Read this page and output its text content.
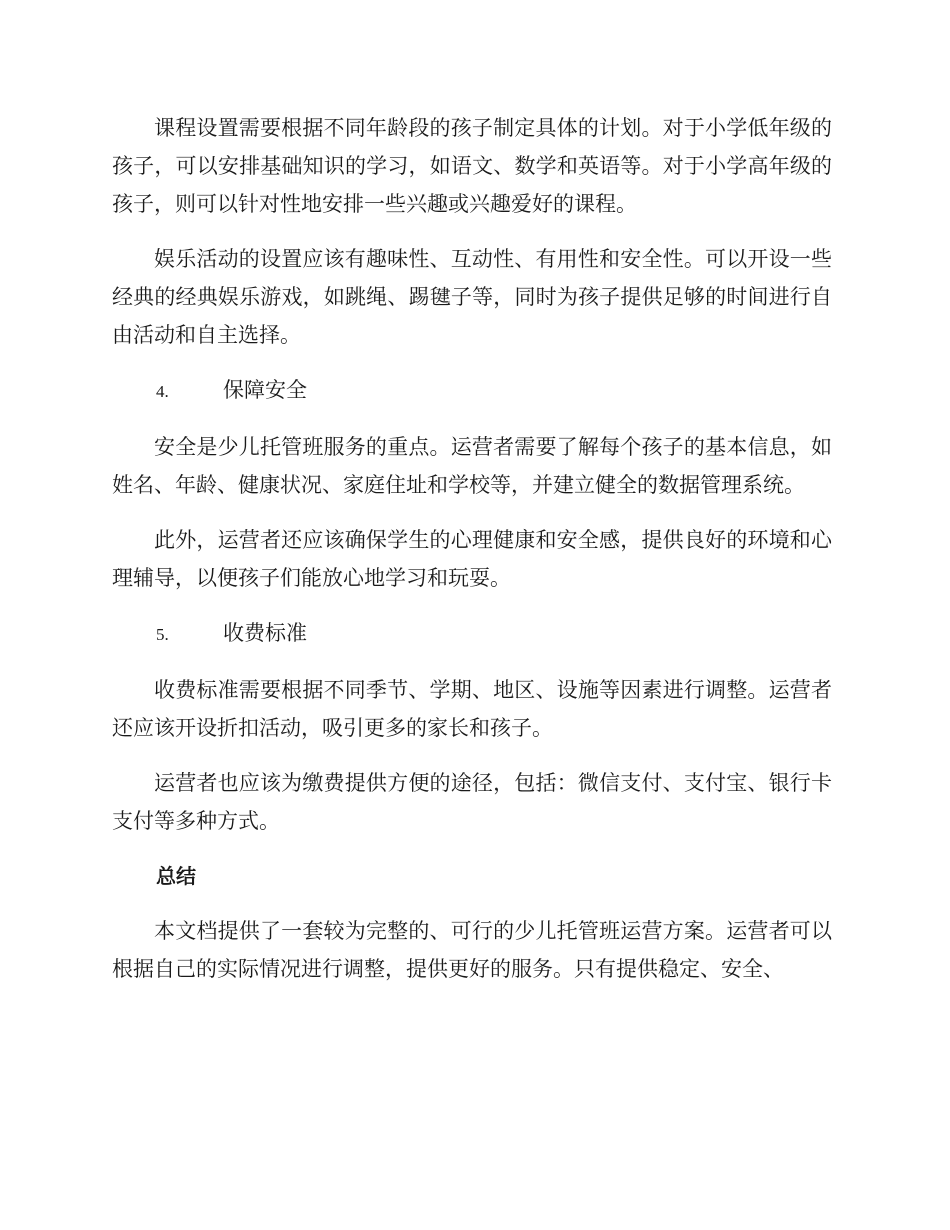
课程设置需要根据不同年龄段的孩子制定具体的计划。对于小学低年级的孩子，可以安排基础知识的学习，如语文、数学和英语等。对于小学高年级的孩子，则可以针对性地安排一些兴趣或兴趣爱好的课程。

娱乐活动的设置应该有趣味性、互动性、有用性和安全性。可以开设一些经典的经典娱乐游戏，如跳绳、踢毽子等，同时为孩子提供足够的时间进行自由活动和自主选择。

4.	保障安全

安全是少儿托管班服务的重点。运营者需要了解每个孩子的基本信息，如姓名、年龄、健康状况、家庭住址和学校等，并建立健全的数据管理系统。

此外，运营者还应该确保学生的心理健康和安全感，提供良好的环境和心理辅导，以便孩子们能放心地学习和玩耍。

5.	收费标准

收费标准需要根据不同季节、学期、地区、设施等因素进行调整。运营者还应该开设折扣活动，吸引更多的家长和孩子。

运营者也应该为缴费提供方便的途径，包括：微信支付、支付宝、银行卡支付等多种方式。

总结

本文档提供了一套较为完整的、可行的少儿托管班运营方案。运营者可以根据自己的实际情况进行调整，提供更好的服务。只有提供稳定、安全、
